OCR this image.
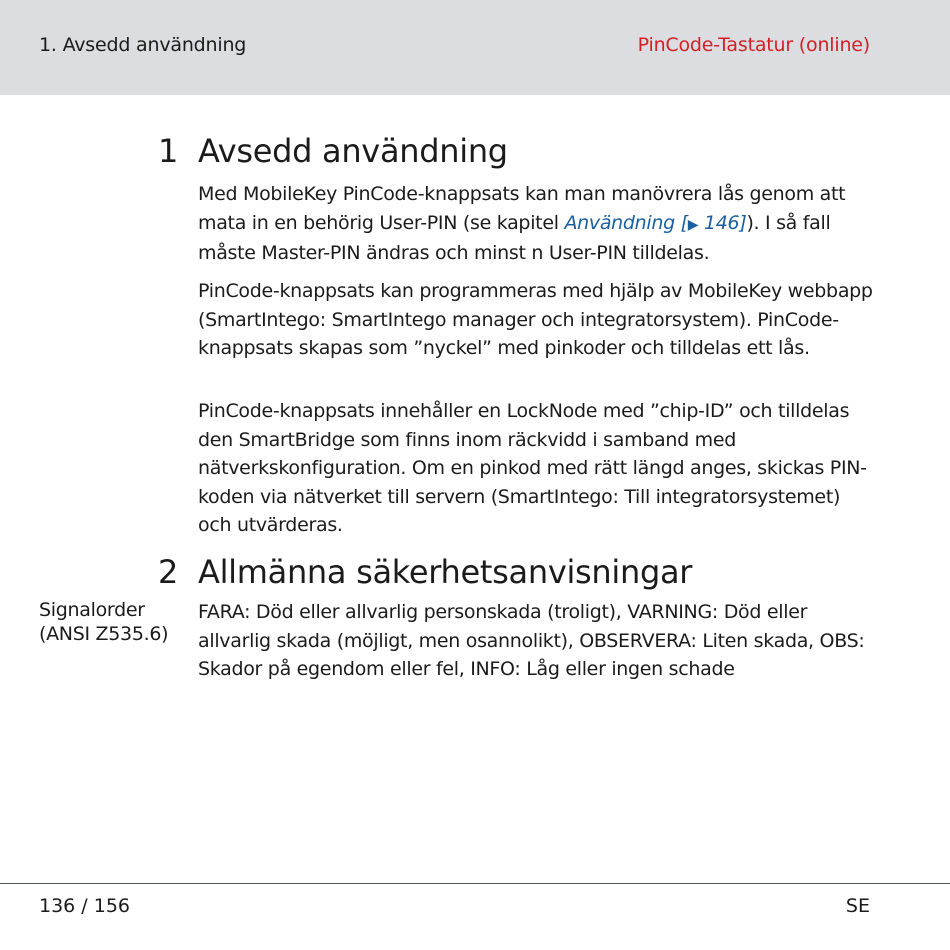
1. Avsedd användning	PinCode-Tastatur (online)
1 Avsedd användning

Med MobileKey PinCode-knappsats kan man manövrera lås genom att mata in en behörig User-PIN (se kapitel Användning [▶ 146]). I så fall måste Master-PIN ändras och minst n User-PIN tilldelas.

PinCode-knappsats kan programmeras med hjälp av MobileKey webbapp (SmartIntego: SmartIntego manager och integratorsystem). PinCode-knappsats skapas som ”nyckel” med pinkoder och tilldelas ett lås.

PinCode-knappsats innehåller en LockNode med ”chip-ID” och tilldelas den SmartBridge som finns inom räckvidd i samband med nätverkskonfiguration. Om en pinkod med rätt längd anges, skickas PIN-koden via nätverket till servern (SmartIntego: Till integratorsystemet) och utvärderas.

2 Allmänna säkerhetsanvisningar
Signalorder (ANSI Z535.6)

FARA: Död eller allvarlig personskada (troligt), VARNING: Död eller allvarlig skada (möjligt, men osannolikt), OBSERVERA: Liten skada, OBS: Skador på egendom eller fel, INFO: Låg eller ingen schade

136 / 156	SE
